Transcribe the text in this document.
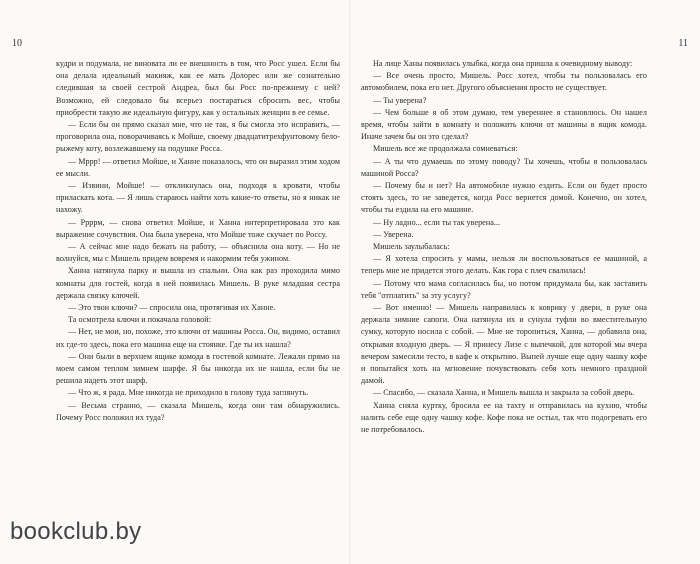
10

кудри и подумала, не виновата ли ее внешность в том, что Росс ушел. Если бы она делала идеальный макияж, как ее мать Долорес или же сознательно следившая за своей сестрой Андреа, был бы Росс по-прежнему с ней? Возможно, ей следовало бы всерьез постараться сбросить вес, чтобы приобрести такую же идеальную фигуру, как у остальных женщин в ее семье.

— Если бы он прямо сказал мне, что не так, я бы смогла это исправить, — проговорила она, поворачиваясь к Мойше, своему двадцатитрехфунтовому бело-рыжему коту, возлежавшему на подушке Росса.

— Мррр! — ответил Мойше, и Ханне показалось, что он выразил этим ходом ее мысли.

— Извини, Мойше! — откликнулась она, подходя к кровати, чтобы приласкать кота. — Я лишь стараюсь найти хоть какие-то ответы, но я никак не нахожу.

— Ррррм, — снова ответил Мойше, и Ханна интерпретировала это как выражение сочувствия. Она была уверена, что Мойше тоже скучает по Россу.

— А сейчас мне надо бежать на работу, — объяснила она коту. — Но не волнуйся, мы с Мишель придем вовремя и накормим тебя ужином.

Ханна натянула парку и вышла из спальни. Она как раз проходила мимо комнаты для гостей, когда в ней появилась Мишель. В руке младшая сестра держала связку ключей.

— Это твои ключи? — спросила она, протягивая их Ханне.

Та осмотрела ключи и покачала головой:

— Нет, не мои, но, похоже, это ключи от машины Росса. Он, видимо, оставил их где-то здесь, пока его машина еще на стоянке. Где ты их нашла?

— Они были в верхнем ящике комода в гостевой комнате. Лежали прямо на моем самом теплом зимнем шарфе. Я бы никогда их не нашла, если бы не решила надеть этот шарф.

— Что ж, я рада. Мне никогда не приходило в голову туда заглянуть.

— Весьма странно, — сказала Мишель, когда они там обнаружились. Почему Росс положил их туда?

11

На лице Ханы появилась улыбка, когда она пришла к очевидному выводу:

— Все очень просто, Мишель. Росс хотел, чтобы ты пользовалась его автомобилем, пока его нет. Другого объяснения просто не существует.

— Ты уверена?

— Чем больше я об этом думаю, тем увереннее я становлюсь. Он нашел время, чтобы зайти в комнату и положить ключи от машины в ящик комода. Иначе зачем бы он это сделал?

Мишель все же продолжала сомневаться:

— А ты что думаешь по этому поводу? Ты хочешь, чтобы я пользовалась машиной Росса?

— Почему бы и нет? На автомобиле нужно ездить. Если он будет просто стоять здесь, то не заведется, когда Росс вернется домой. Конечно, он хотел, чтобы ты ездила на его машине.

— Ну ладно... если ты так уверена...

— Уверена.

Мишель заулыбалась:

— Я хотела спросить у мамы, нельзя ли воспользоваться ее машиной, а теперь мне не придется этого делать. Как гора с плеч свалилась!

— Потому что мама согласилась бы, но потом придумала бы, как заставить тебя "отплатить" за эту услугу?

— Вот именно! — Мишель направилась к коврику у двери, в руке она держала зимние сапоги. Она натянула их и сунула туфли во вместительную сумку, которую носила с собой. — Мне не торопиться, Ханна, — добавила она, открывая входную дверь. — Я принесу Лизе с выпечкой, для которой мы вчера вечером замесили тесто, в кафе к открытию. Выпей лучше еще одну чашку кофе и попытайся хоть на мгновение почувствовать себя хоть немного праздной дамой.

— Спасибо, — сказала Ханна, и Мишель вышла и закрыла за собой дверь.

Ханна сняла куртку, бросила ее на тахту и отправилась на кухню, чтобы налить себе еще одну чашку кофе. Кофе пока не остыл, так что подогревать его не потребовалось.

bookclub.by
